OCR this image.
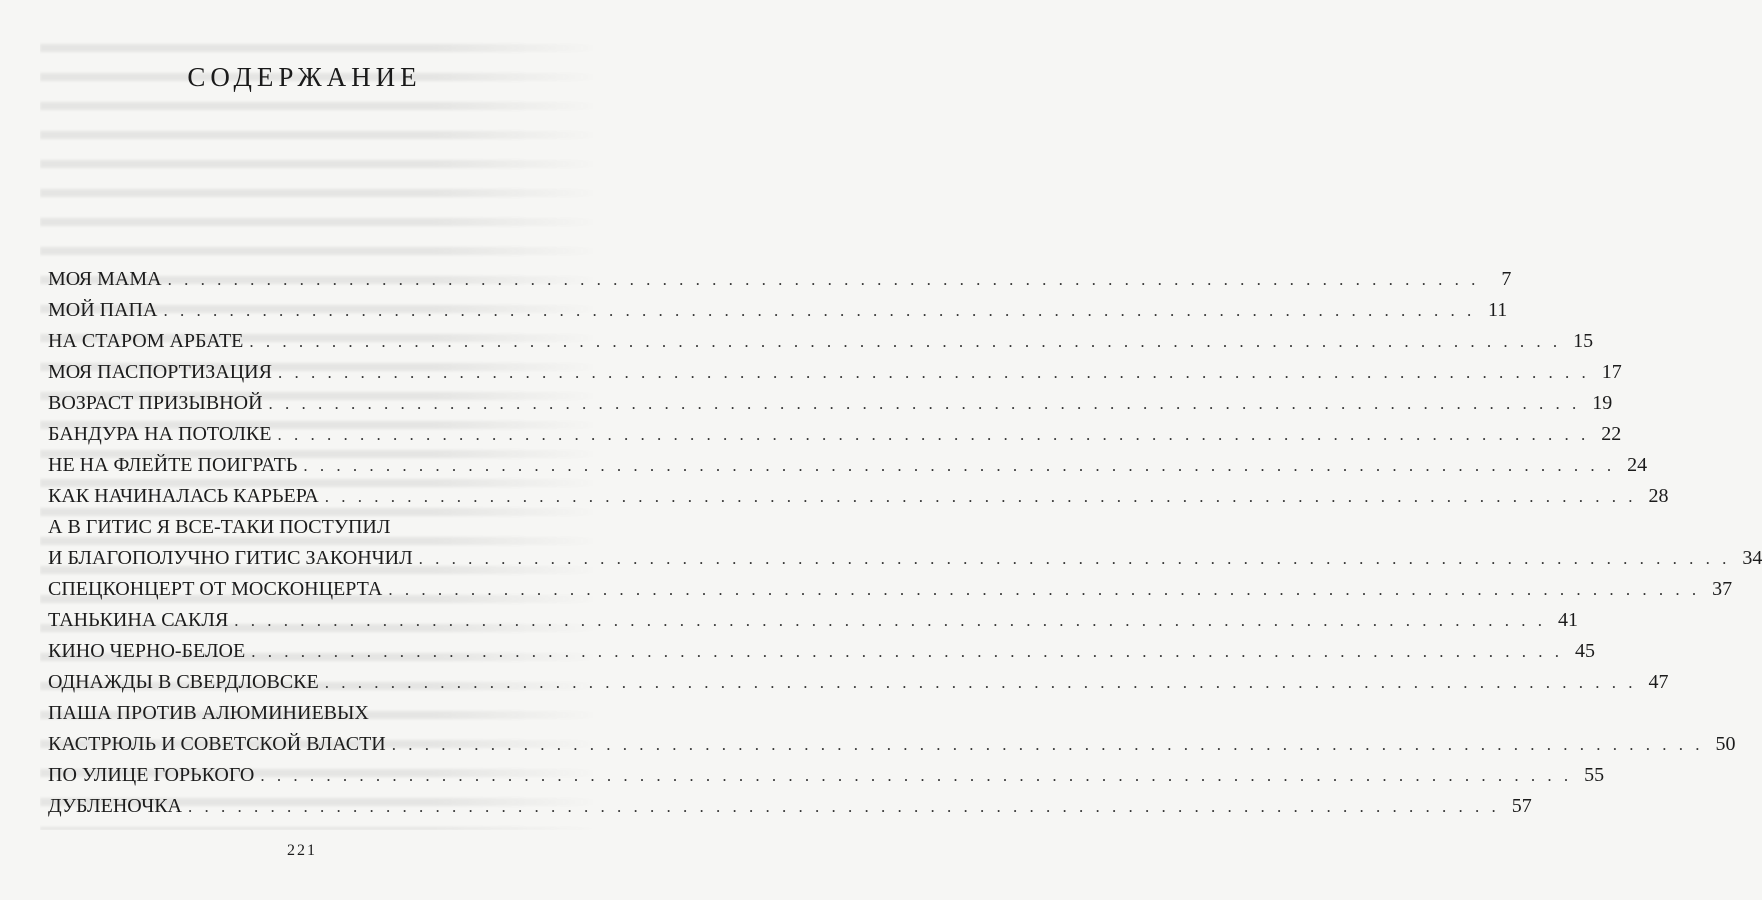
СОДЕРЖАНИЕ
МОЯ МАМА . . . . . . . . . . . . . . . . . . . . . . . . . . . . . . . . . . . . . . . . . . . . . . . . . . . . . . . . . . . . . . . . . . . . . . . . . . . . . . . .	7
МОЙ ПАПА . . . . . . . . . . . . . . . . . . . . . . . . . . . . . . . . . . . . . . . . . . . . . . . . . . . . . . . . . . . . . . . . . . . . . . . . . . . . . . . . 11
НА СТАРОМ АРБАТЕ . . . . . . . . . . . . . . . . . . . . . . . . . . . . . . . . . . . . . . . . . . . . . . . . . . . . . . . . . . . . . . . . . . . . . . . . . . . . . . . . 15
МОЯ ПАСПОРТИЗАЦИЯ . . . . . . . . . . . . . . . . . . . . . . . . . . . . . . . . . . . . . . . . . . . . . . . . . . . . . . . . . . . . . . . . . . . . . . . . . . . . . . . . 17
ВОЗРАСТ ПРИЗЫВНОЙ . . . . . . . . . . . . . . . . . . . . . . . . . . . . . . . . . . . . . . . . . . . . . . . . . . . . . . . . . . . . . . . . . . . . . . . . . . . . . . . . 19
БАНДУРА НА ПОТОЛКЕ . . . . . . . . . . . . . . . . . . . . . . . . . . . . . . . . . . . . . . . . . . . . . . . . . . . . . . . . . . . . . . . . . . . . . . . . . . . . . . . . 22
НЕ НА ФЛЕЙТЕ ПОИГРАТЬ . . . . . . . . . . . . . . . . . . . . . . . . . . . . . . . . . . . . . . . . . . . . . . . . . . . . . . . . . . . . . . . . . . . . . . . . . . . . . . . . 24
КАК НАЧИНАЛАСЬ КАРЬЕРА . . . . . . . . . . . . . . . . . . . . . . . . . . . . . . . . . . . . . . . . . . . . . . . . . . . . . . . . . . . . . . . . . . . . . . . . . . . . . . . . 28
А В ГИТИС Я ВСЕ-ТАКИ ПОСТУПИЛ
И БЛАГОПОЛУЧНО ГИТИС ЗАКОНЧИЛ . . . . . . . . . . . . . . . . . . . . . . . . . . . . . . . . . . . . . . . . . . . . . . . . . . . . . . . . . . . . . . . . . . . . . . . . . . . . . . . . 34
СПЕЦКОНЦЕРТ ОТ МОСКОНЦЕРТА . . . . . . . . . . . . . . . . . . . . . . . . . . . . . . . . . . . . . . . . . . . . . . . . . . . . . . . . . . . . . . . . . . . . . . . . . . . . . . . . 37
ТАНЬКИНА САКЛЯ . . . . . . . . . . . . . . . . . . . . . . . . . . . . . . . . . . . . . . . . . . . . . . . . . . . . . . . . . . . . . . . . . . . . . . . . . . . . . . . . 41
КИНО ЧЕРНО-БЕЛОЕ . . . . . . . . . . . . . . . . . . . . . . . . . . . . . . . . . . . . . . . . . . . . . . . . . . . . . . . . . . . . . . . . . . . . . . . . . . . . . . . . 45
ОДНАЖДЫ В СВЕРДЛОВСКЕ . . . . . . . . . . . . . . . . . . . . . . . . . . . . . . . . . . . . . . . . . . . . . . . . . . . . . . . . . . . . . . . . . . . . . . . . . . . . . . . . 47
ПАША ПРОТИВ АЛЮМИНИЕВЫХ
КАСТРЮЛЬ И СОВЕТСКОЙ ВЛАСТИ . . . . . . . . . . . . . . . . . . . . . . . . . . . . . . . . . . . . . . . . . . . . . . . . . . . . . . . . . . . . . . . . . . . . . . . . . . . . . . . . 50
ПО УЛИЦЕ ГОРЬКОГО . . . . . . . . . . . . . . . . . . . . . . . . . . . . . . . . . . . . . . . . . . . . . . . . . . . . . . . . . . . . . . . . . . . . . . . . . . . . . . . . 55
ДУБЛЕНОЧКА . . . . . . . . . . . . . . . . . . . . . . . . . . . . . . . . . . . . . . . . . . . . . . . . . . . . . . . . . . . . . . . . . . . . . . . . . . . . . . . . 57
221
